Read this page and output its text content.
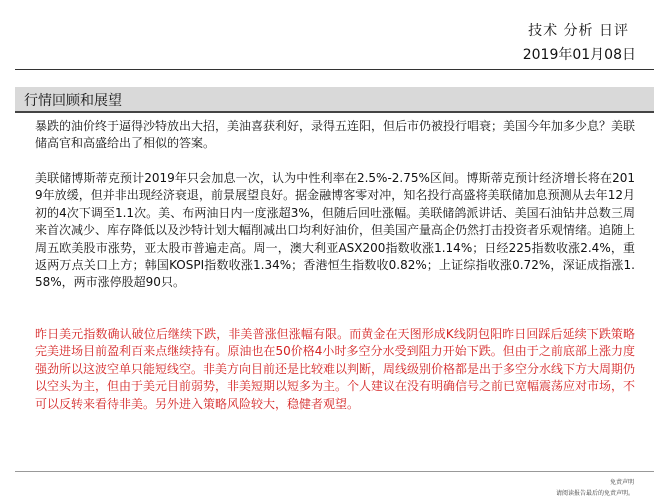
技术 分析 日评
2019年01月08日
行情回顾和展望

暴跌的油价终于逼得沙特放出大招，美油喜获利好，录得五连阳，但后市仍被投行唱衰；美国今年加多少息？美联储高官和高盛给出了相似的答案。

美联储博斯蒂克预计2019年只会加息一次，认为中性利率在2.5%-2.75%区间。博斯蒂克预计经济增长将在2019年放缓，但并非出现经济衰退，前景展望良好。据金融博客零对冲，知名投行高盛将美联储加息预测从去年12月初的4次下调至1.1次。美、布两油日内一度涨超3%，但随后回吐涨幅。美联储鸽派讲话、美国石油钻井总数三周来首次减少、库存降低以及沙特计划大幅削减出口均利好油价，但美国产量高企仍然打击投资者乐观情绪。追随上周五欧美股市涨势，亚太股市普遍走高。周一，澳大利亚ASX200指数收涨1.14%；日经225指数收涨2.4%，重返两万点关口上方；韩国KOSPI指数收涨1.34%；香港恒生指数收0.82%；上证综指收涨0.72%，深证成指涨1.58%，两市涨停股超90只。

昨日美元指数确认破位后继续下跌，非美普涨但涨幅有限。而黄金在天图形成K线阴包阳昨日回踩后延续下跌策略完美进场目前盈利百来点继续持有。原油也在50价格4小时多空分水受到阻力开始下跌。但由于之前底部上涨力度强劲所以这波空单只能短线空。非美方向目前还是比较难以判断，周线级别价格都是出于多空分水线下方大周期仍以空头为主，但由于美元目前弱势，非美短期以短多为主。个人建议在没有明确信号之前已宽幅震荡应对市场，不可以反转来看待非美。另外进入策略风险较大，稳健者观望。

免责声明
请阅读报告最后的免责声明。
